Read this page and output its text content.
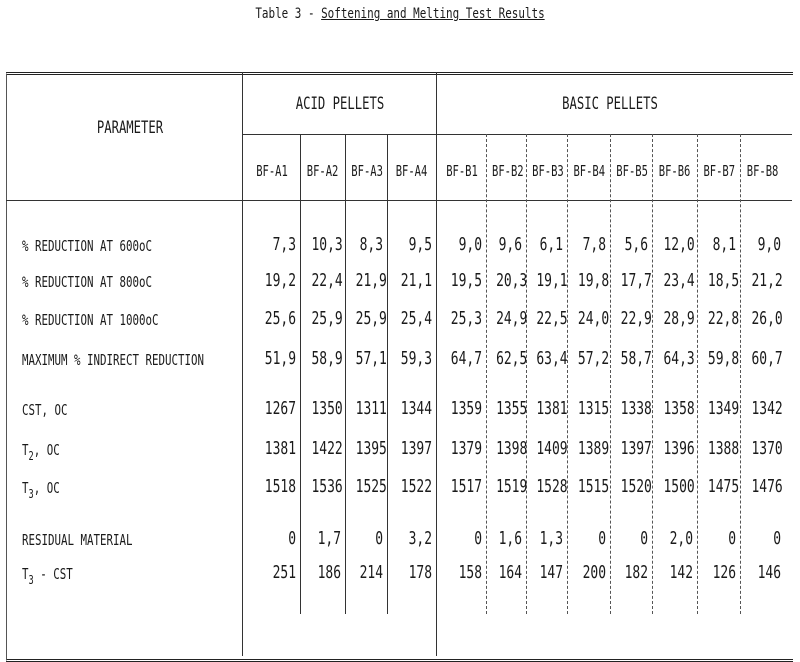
Table 3 - Softening and Melting Test Results
PARAMETER
ACID PELLETS	BASIC PELLETS
BF-A1 BF-A2 BF-A3 BF-A4 BF-B1 BF-B2 BF-B3 BF-B4 BF-B5 BF-B6 BF-B7 BF-B8
% REDUCTION AT 600oC	7,3 10,3 8,3	9,5	9,0 9,6 6,1 7,8 5,6 12,0 8,1	9,0
% REDUCTION AT 800oC	19,2 22,4 21,9 21,1 19,5 20,3 19,1 19,8 17,7 23,4 18,5 21,2
% REDUCTION AT 1000oC	25,6 25,9 25,9 25,4 25,3 24,9 22,5 24,0 22,9 28,9 22,8 26,0
MAXIMUM % INDIRECT REDUCTION	51,9 58,9 57,1 59,3 64,7 62,5 63,4 57,2 58,7 64,3 59,8 60,7
CST, OC	1267 1350 1311 1344 1359 1355 1381 1315 1338 1358 1349 1342
$T_2$, OC	1381 1422 1395 1397 1379 1398 1409 1389 1397 1396 1388 1370
$T_3$, OC	1518 1536 1525 1522 1517 1519 1528 1515 1520 1500 1475 1476
RESIDUAL MATERIAL	0	1,7	0	3,2	0 1,6 1,3	0	0	2,0	0	0
$T_3$ - CST	251	186 214	178	158 164 147 200 182	142 126	146
